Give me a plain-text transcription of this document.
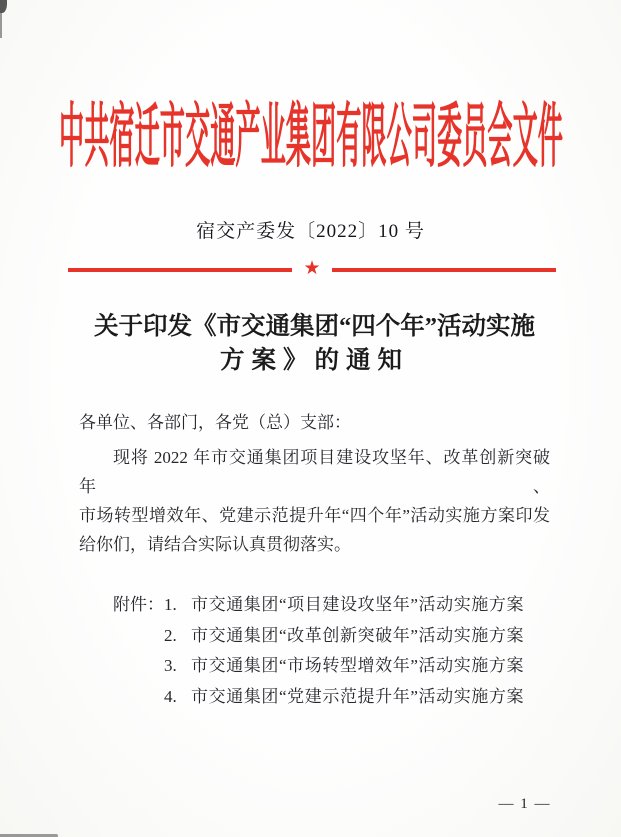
中共宿迁市交通产业集团有限公司委员会文件
宿交产委发〔2022〕10 号
★
关于印发《市交通集团“四个年”活动实施
方案》的通知
各单位、各部门，各党（总）支部：
现将 2022 年市交通集团项目建设攻坚年、改革创新突破年、
市场转型增效年、党建示范提升年“四个年”活动实施方案印发
给你们，请结合实际认真贯彻落实。
附件： 1. 市交通集团“项目建设攻坚年”活动实施方案
2. 市交通集团“改革创新突破年”活动实施方案
3. 市交通集团“市场转型增效年”活动实施方案
4. 市交通集团“党建示范提升年”活动实施方案
— 1 —
